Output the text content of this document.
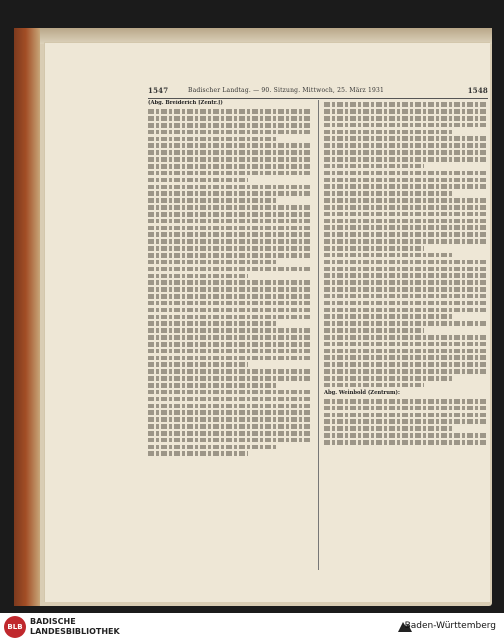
1547	Badischer Landtag. — 90. Sitzung. Mittwoch, 25. März 1931	1548
(Abg. Breiderich [Zentr.])
Abg. Weinbold (Zentrum):
BLB
BADISCHE
LANDESBIBLIOTHEK
Baden-Württemberg
